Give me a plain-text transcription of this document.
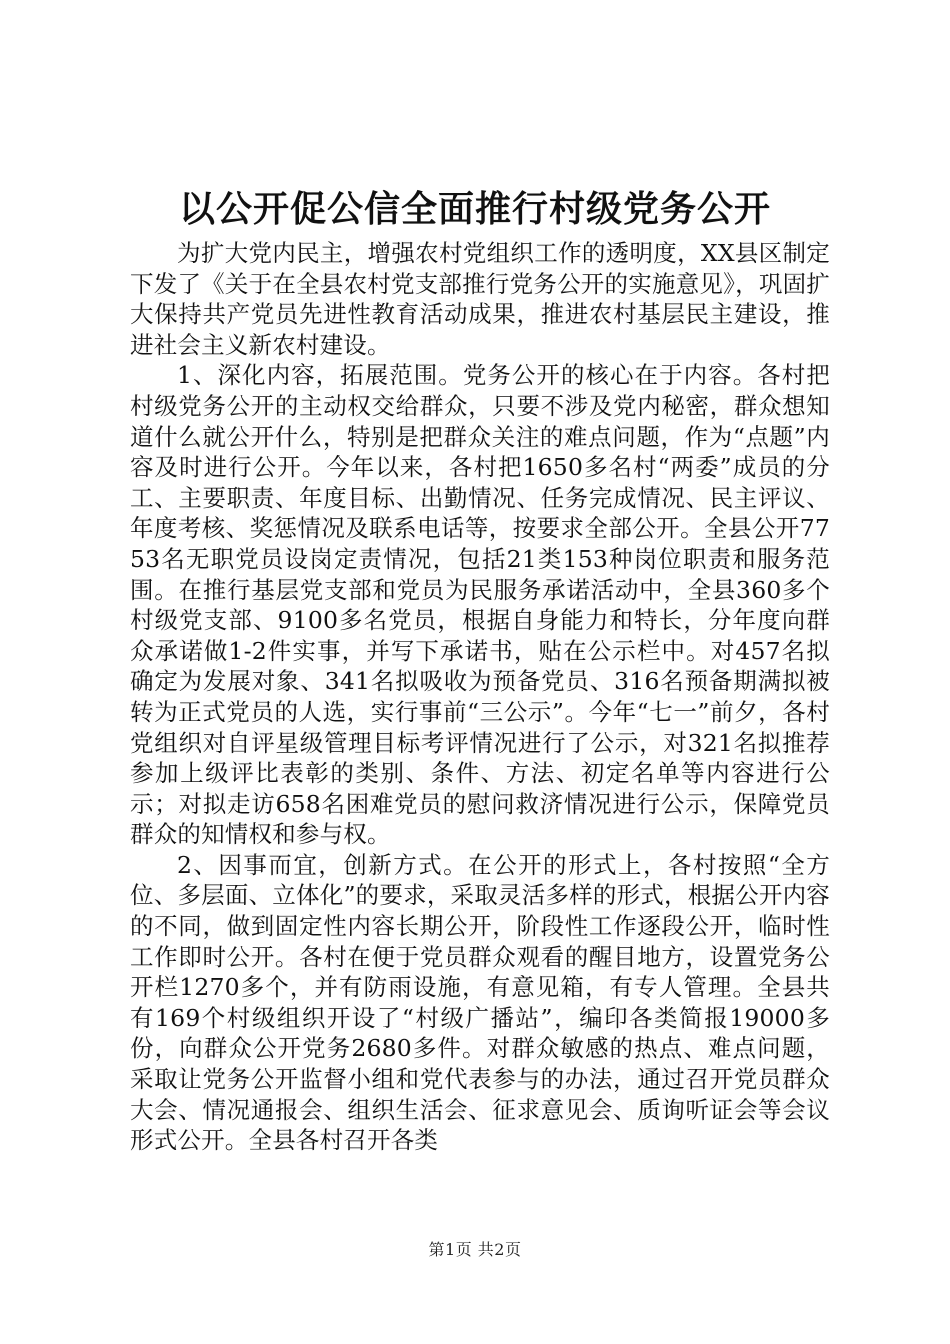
以公开促公信全面推行村级党务公开

为扩大党内民主，增强农村党组织工作的透明度，XX县区制定下发了《关于在全县农村党支部推行党务公开的实施意见》，巩固扩大保持共产党员先进性教育活动成果，推进农村基层民主建设，推进社会主义新农村建设。

1、深化内容，拓展范围。党务公开的核心在于内容。各村把村级党务公开的主动权交给群众，只要不涉及党内秘密，群众想知道什么就公开什么，特别是把群众关注的难点问题，作为“点题”内容及时进行公开。今年以来，各村把1650多名村“两委”成员的分工、主要职责、年度目标、出勤情况、任务完成情况、民主评议、年度考核、奖惩情况及联系电话等，按要求全部公开。全县公开7753名无职党员设岗定责情况，包括21类153种岗位职责和服务范围。在推行基层党支部和党员为民服务承诺活动中，全县360多个村级党支部、9100多名党员，根据自身能力和特长，分年度向群众承诺做1-2件实事，并写下承诺书，贴在公示栏中。对457名拟确定为发展对象、341名拟吸收为预备党员、316名预备期满拟被转为正式党员的人选，实行事前“三公示”。今年“七一”前夕，各村党组织对自评星级管理目标考评情况进行了公示，对321名拟推荐参加上级评比表彰的类别、条件、方法、初定名单等内容进行公示；对拟走访658名困难党员的慰问救济情况进行公示，保障党员群众的知情权和参与权。

2、因事而宜，创新方式。在公开的形式上，各村按照“全方位、多层面、立体化”的要求，采取灵活多样的形式，根据公开内容的不同，做到固定性内容长期公开，阶段性工作逐段公开，临时性工作即时公开。各村在便于党员群众观看的醒目地方，设置党务公开栏1270多个，并有防雨设施，有意见箱，有专人管理。全县共有169个村级组织开设了“村级广播站”，编印各类简报19000多份，向群众公开党务2680多件。对群众敏感的热点、难点问题，采取让党务公开监督小组和党代表参与的办法，通过召开党员群众大会、情况通报会、组织生活会、征求意见会、质询听证会等会议形式公开。全县各村召开各类

第1页 共2页
